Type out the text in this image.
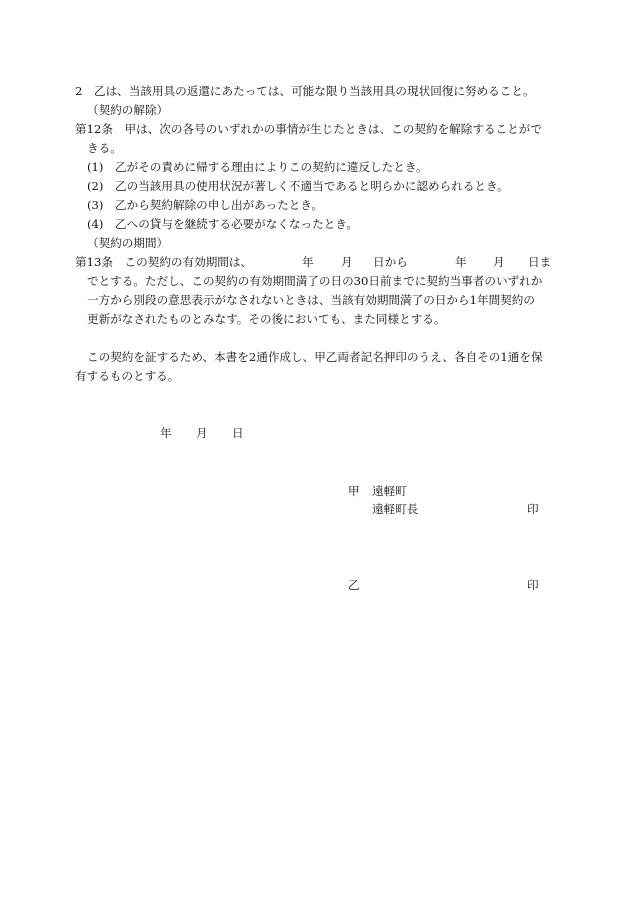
2　乙は、当該用具の返還にあたっては、可能な限り当該用具の現状回復に努めること。
（契約の解除）
第12条　甲は、次の各号のいずれかの事情が生じたときは、この契約を解除することがで
きる。
(1)　乙がその責めに帰する理由によりこの契約に違反したとき。
(2)　乙の当該用具の使用状況が著しく不適当であると明らかに認められるとき。
(3)　乙から契約解除の申し出があったとき。
(4)　乙への貸与を継続する必要がなくなったとき。
（契約の期間）
第13条　この契約の有効期間は、	年 月 日から	年 月 日ま
でとする。ただし、この契約の有効期間満了の日の30日前までに契約当事者のいずれか
一方から別段の意思表示がなされないときは、当該有効期間満了の日から1年間契約の
更新がなされたものとみなす。その後においても、また同様とする。
この契約を証するため、本書を2通作成し、甲乙両者記名押印のうえ、各自その1通を保
有するものとする。
年 月 日
甲 遠軽町
遠軽町長	印
乙	印
